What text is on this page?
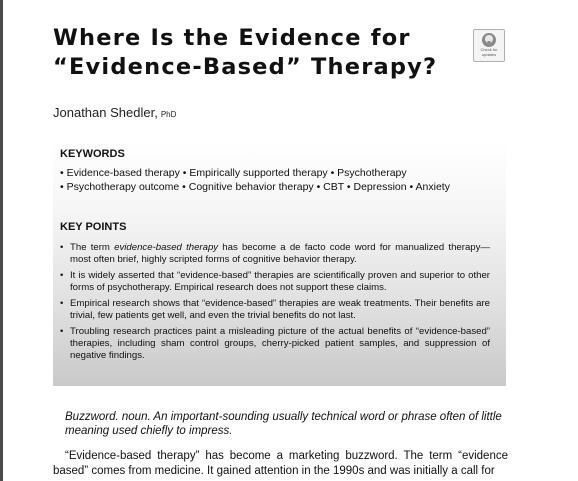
Where Is the Evidence for
“Evidence-Based” Therapy?
Check for
updates
Jonathan Shedler, PhD
KEYWORDS
• Evidence-based therapy • Empirically supported therapy • Psychotherapy
• Psychotherapy outcome • Cognitive behavior therapy • CBT • Depression • Anxiety
KEY POINTS
• The term evidence-based therapy has become a de facto code word for manualized therapy—most often brief, highly scripted forms of cognitive behavior therapy.
• It is widely asserted that “evidence-based” therapies are scientifically proven and superior to other forms of psychotherapy. Empirical research does not support these claims.
• Empirical research shows that “evidence-based” therapies are weak treatments. Their benefits are trivial, few patients get well, and even the trivial benefits do not last.
• Troubling research practices paint a misleading picture of the actual benefits of “evidence-based” therapies, including sham control groups, cherry-picked patient samples, and suppression of negative findings.

Buzzword. noun. An important-sounding usually technical word or phrase often of little meaning used chiefly to impress.

“Evidence-based therapy” has become a marketing buzzword. The term “evidence based” comes from medicine. It gained attention in the 1990s and was initially a call for
